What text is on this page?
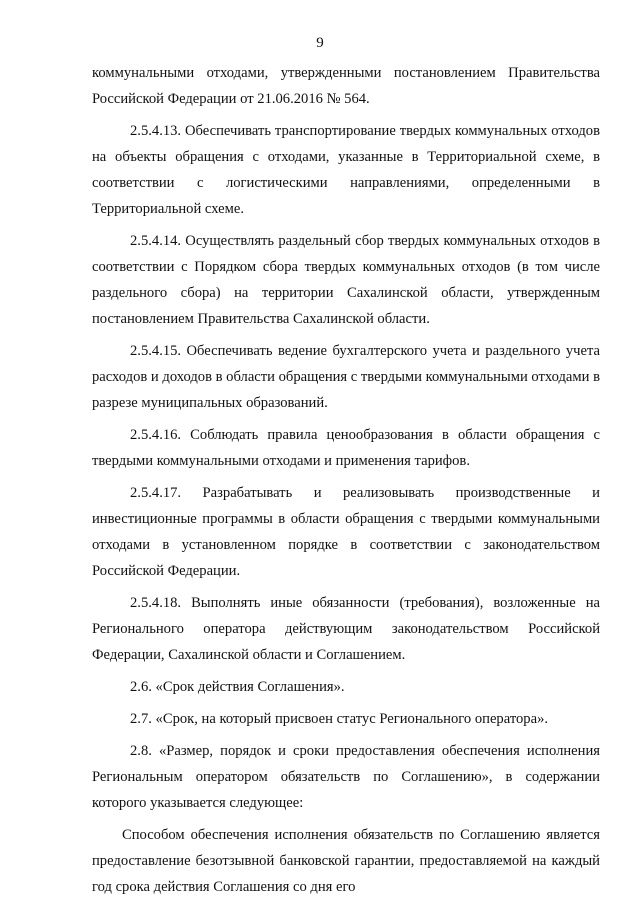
9

коммунальными отходами, утвержденными постановлением Правительства Российской Федерации от 21.06.2016 № 564.

2.5.4.13. Обеспечивать транспортирование твердых коммунальных отходов на объекты обращения с отходами, указанные в Территориальной схеме, в соответствии с логистическими направлениями, определенными в Территориальной схеме.

2.5.4.14. Осуществлять раздельный сбор твердых коммунальных отходов в соответствии с Порядком сбора твердых коммунальных отходов (в том числе раздельного сбора) на территории Сахалинской области, утвержденным постановлением Правительства Сахалинской области.

2.5.4.15. Обеспечивать ведение бухгалтерского учета и раздельного учета расходов и доходов в области обращения с твердыми коммунальными отходами в разрезе муниципальных образований.

2.5.4.16. Соблюдать правила ценообразования в области обращения с твердыми коммунальными отходами и применения тарифов.

2.5.4.17. Разрабатывать и реализовывать производственные и инвестиционные программы в области обращения с твердыми коммунальными отходами в установленном порядке в соответствии с законодательством Российской Федерации.

2.5.4.18. Выполнять иные обязанности (требования), возложенные на Регионального оператора действующим законодательством Российской Федерации, Сахалинской области и Соглашением.

2.6. «Срок действия Соглашения».

2.7. «Срок, на который присвоен статус Регионального оператора».

2.8. «Размер, порядок и сроки предоставления обеспечения исполнения Региональным оператором обязательств по Соглашению», в содержании которого указывается следующее:

Способом обеспечения исполнения обязательств по Соглашению является предоставление безотзывной банковской гарантии, предоставляемой на каждый год срока действия Соглашения со дня его
